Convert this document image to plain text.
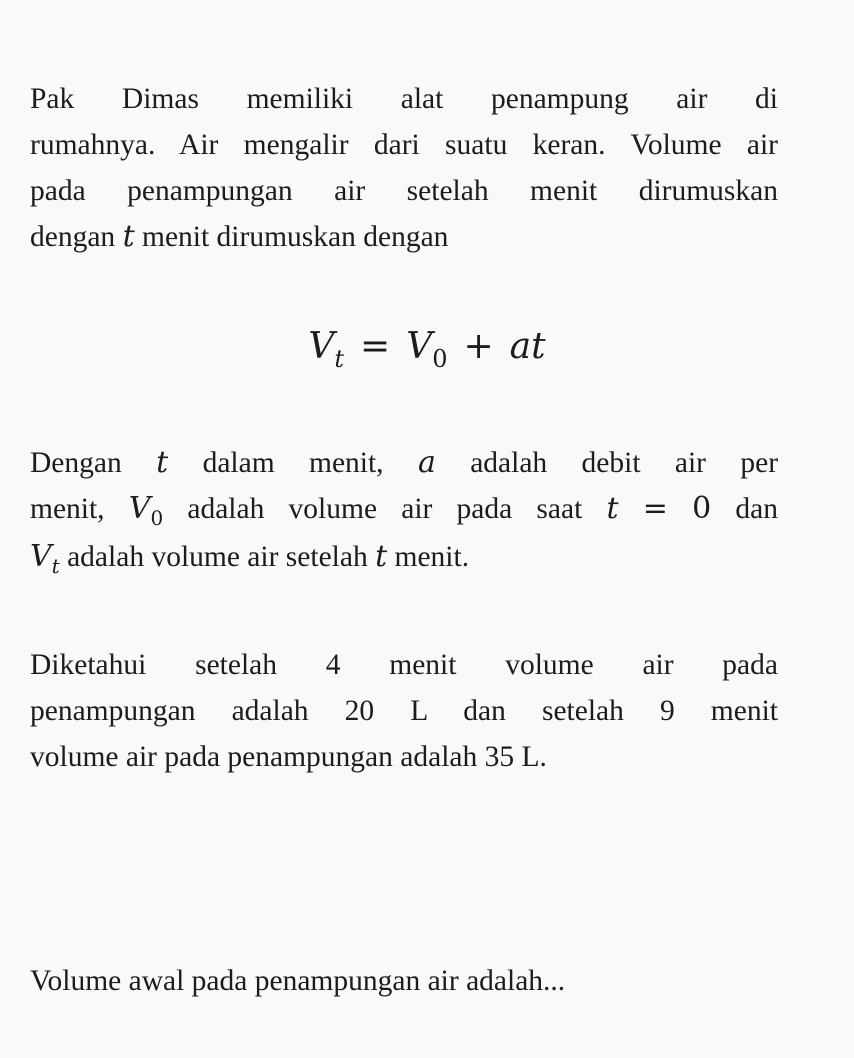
Pak Dimas memiliki alat penampung air di
rumahnya. Air mengalir dari suatu keran. Volume air
pada penampungan air setelah menit dirumuskan
dengan t menit dirumuskan dengan
$V_t = V_0$ + at
Dengan t dalam menit, a adalah debit air per
menit, $V_0$ adalah volume air pada saat t = 0 dan
$V_t$ adalah volume air setelah t menit.
Diketahui setelah 4 menit volume air pada
penampungan adalah 20 L dan setelah 9 menit
volume air pada penampungan adalah 35 L.
Volume awal pada penampungan air adalah...
